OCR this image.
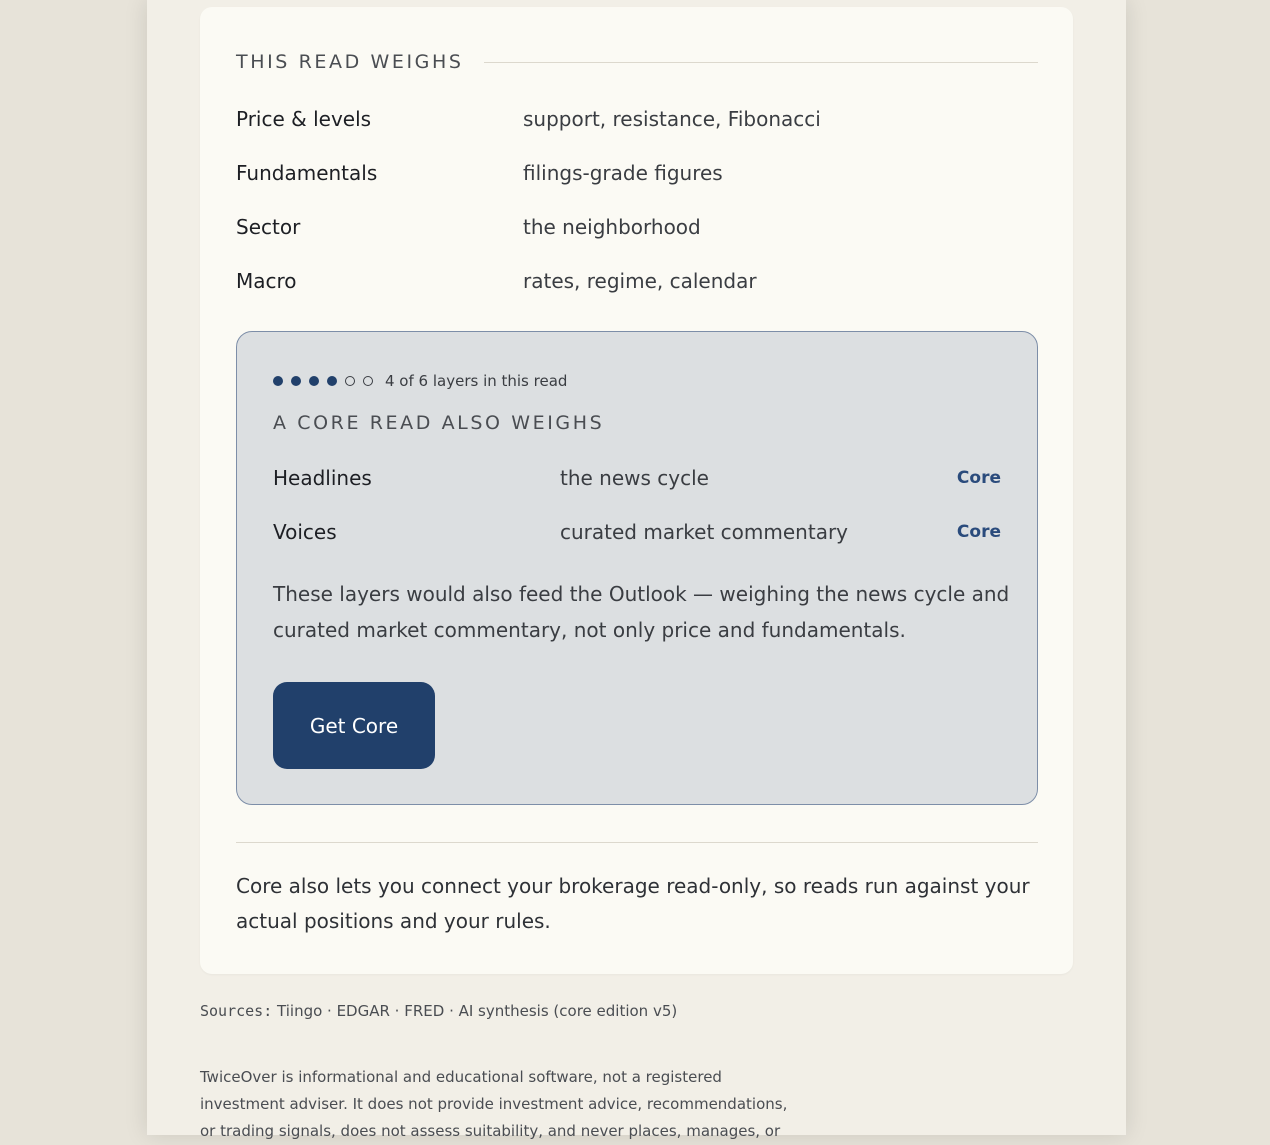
THIS READ WEIGHS
Price & levels	support, resistance, Fibonacci
Fundamentals	filings-grade figures
Sector	the neighborhood
Macro	rates, regime, calendar
4 of 6 layers in this read
A CORE READ ALSO WEIGHS
Headlines	the news cycle	Core
Voices	curated market commentary	Core
These layers would also feed the Outlook — weighing the news cycle and curated market commentary, not only price and fundamentals.
Get Core
Core also lets you connect your brokerage read-only, so reads run against your actual positions and your rules.
Sources: Tiingo · EDGAR · FRED · AI synthesis (core edition v5)
TwiceOver is informational and educational software, not a registered investment adviser. It does not provide investment advice, recommendations, or trading signals, does not assess suitability, and never places, manages, or
